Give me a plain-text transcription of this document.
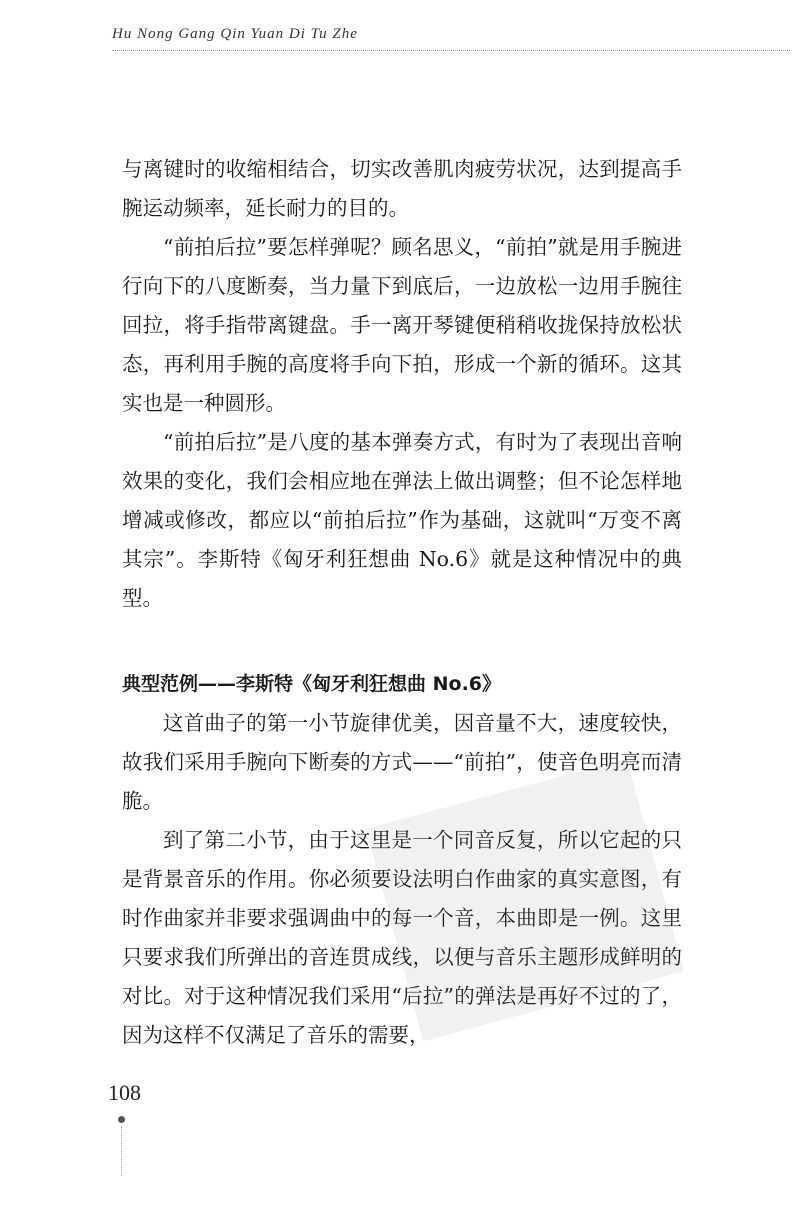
Hu Nong Gang Qin Yuan Di Tu Zhe

与离键时的收缩相结合，切实改善肌肉疲劳状况，达到提高手腕运动频率，延长耐力的目的。

“前拍后拉”要怎样弹呢？顾名思义，“前拍”就是用手腕进行向下的八度断奏，当力量下到底后，一边放松一边用手腕往回拉，将手指带离键盘。手一离开琴键便稍稍收拢保持放松状态，再利用手腕的高度将手向下拍，形成一个新的循环。这其实也是一种圆形。

“前拍后拉”是八度的基本弹奏方式，有时为了表现出音响效果的变化，我们会相应地在弹法上做出调整；但不论怎样地增减或修改，都应以“前拍后拉”作为基础，这就叫“万变不离其宗”。李斯特《匈牙利狂想曲 No.6》就是这种情况中的典型。

典型范例——李斯特《匈牙利狂想曲 No.6》

这首曲子的第一小节旋律优美，因音量不大，速度较快，故我们采用手腕向下断奏的方式——“前拍”，使音色明亮而清脆。

到了第二小节，由于这里是一个同音反复，所以它起的只是背景音乐的作用。你必须要设法明白作曲家的真实意图，有时作曲家并非要求强调曲中的每一个音，本曲即是一例。这里只要求我们所弹出的音连贯成线，以便与音乐主题形成鲜明的对比。对于这种情况我们采用“后拉”的弹法是再好不过的了，因为这样不仅满足了音乐的需要，

108
